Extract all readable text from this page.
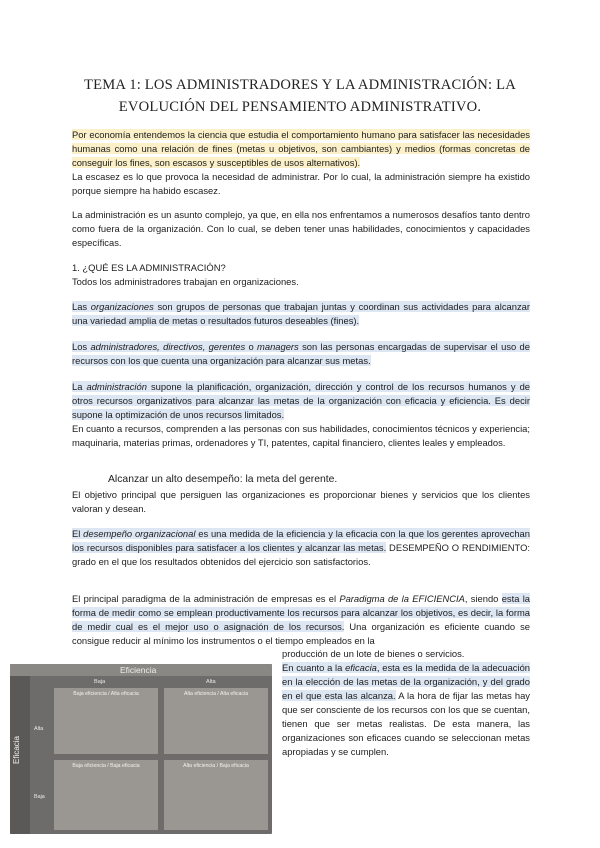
TEMA 1: LOS ADMINISTRADORES Y LA ADMINISTRACIÓN: LA
EVOLUCIÓN DEL PENSAMIENTO ADMINISTRATIVO.
Por economía entendemos la ciencia que estudia el comportamiento humano para satisfacer las necesidades humanas como una relación de fines (metas u objetivos, son cambiantes) y medios (formas concretas de conseguir los fines, son escasos y susceptibles de usos alternativos).
La escasez es lo que provoca la necesidad de administrar. Por lo cual, la administración siempre ha existido porque siempre ha habido escasez.
La administración es un asunto complejo, ya que, en ella nos enfrentamos a numerosos desafíos tanto dentro como fuera de la organización. Con lo cual, se deben tener unas habilidades, conocimientos y capacidades específicas.
1. ¿QUÉ ES LA ADMINISTRACIÓN?
Todos los administradores trabajan en organizaciones.
Las organizaciones son grupos de personas que trabajan juntas y coordinan sus actividades para alcanzar una variedad amplia de metas o resultados futuros deseables (fines).
Los administradores, directivos, gerentes o managers son las personas encargadas de supervisar el uso de recursos con los que cuenta una organización para alcanzar sus metas.
La administración supone la planificación, organización, dirección y control de los recursos humanos y de otros recursos organizativos para alcanzar las metas de la organización con eficacia y eficiencia. Es decir supone la optimización de unos recursos limitados.
En cuanto a recursos, comprenden a las personas con sus habilidades, conocimientos técnicos y experiencia; maquinaria, materias primas, ordenadores y TI, patentes, capital financiero, clientes leales y empleados.
Alcanzar un alto desempeño: la meta del gerente.
El objetivo principal que persiguen las organizaciones es proporcionar bienes y servicios que los clientes valoran y desean.
El desempeño organizacional es una medida de la eficiencia y la eficacia con la que los gerentes aprovechan los recursos disponibles para satisfacer a los clientes y alcanzar las metas. DESEMPEÑO O RENDIMIENTO: grado en el que los resultados obtenidos del ejercicio son satisfactorios.
El principal paradigma de la administración de empresas es el Paradigma de la EFICIENCIA, siendo esta la forma de medir como se emplean productivamente los recursos para alcanzar los objetivos, es decir, la forma de medir cual es el mejor uso o asignación de los recursos. Una organización es eficiente cuando se consigue reducir al mínimo los instrumentos o el tiempo empleados en la
producción de un lote de bienes o servicios.
En cuanto a la eficacia, esta es la medida de la adecuación en la elección de las metas de la organización, y del grado en el que esta las alcanza. A la hora de fijar las metas hay que ser consciente de los recursos con los que se cuentan, tienen que ser metas realistas. De esta manera, las organizaciones son eficaces cuando se seleccionan metas apropiadas y se cumplen.
Eficiencia
Baja	Alta
Eficacia
Alta
Baja
Baja eficiencia / Alta eficacia	Alta eficiencia / Alta eficacia
Baja eficiencia / Baja eficacia	Alta eficiencia / Baja eficacia
